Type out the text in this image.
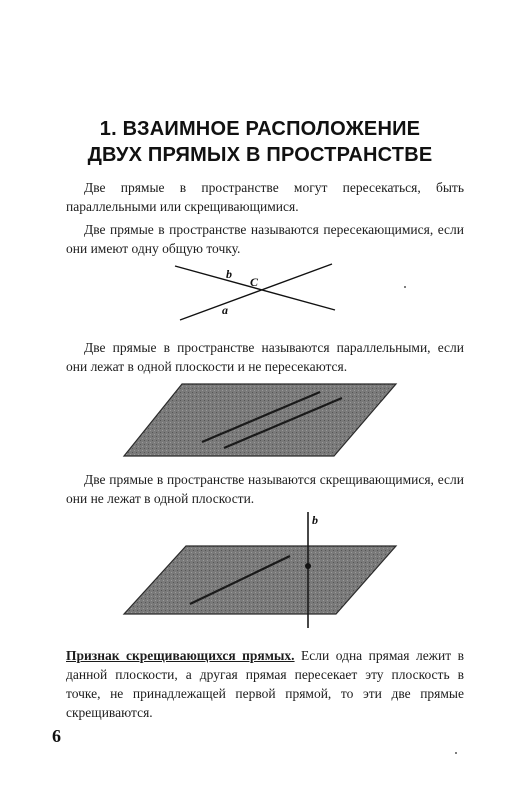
1. ВЗАИМНОЕ РАСПОЛОЖЕНИЕ
ДВУХ ПРЯМЫХ В ПРОСТРАНСТВЕ
Две прямые в пространстве могут пересекаться, быть параллельными или скрещивающимися.
Две прямые в пространстве называются пересекающимися, если они имеют одну общую точку.
b
C
a
Две прямые в пространстве называются параллельными, если они лежат в одной плоскости и не пересекаются.
Две прямые в пространстве называются скрещивающимися, если они не лежат в одной плоскости.
b
Признак скрещивающихся прямых. Если одна прямая лежит в данной плоскости, а другая прямая пересекает эту плоскость в точке, не принадлежащей первой прямой, то эти две прямые скрещиваются.
6
